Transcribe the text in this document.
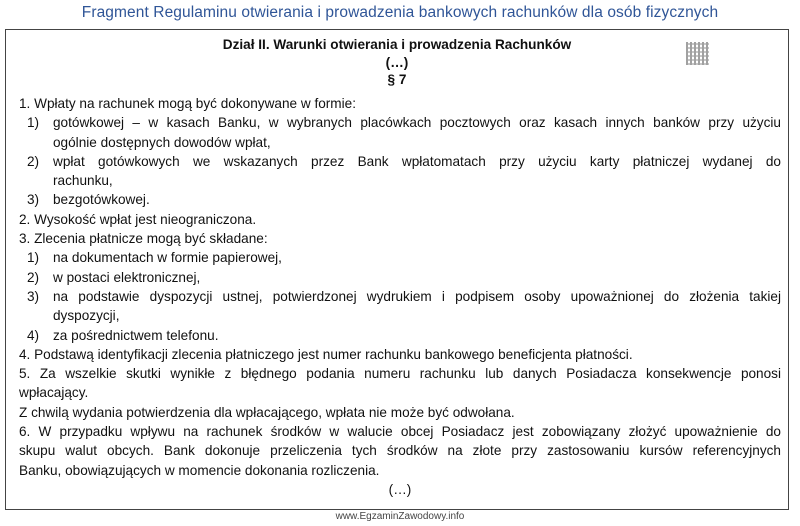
Fragment Regulaminu otwierania i prowadzenia bankowych rachunków dla osób fizycznych
Dział II. Warunki otwierania i prowadzenia Rachunków
(…)
§ 7
1. Wpłaty na rachunek mogą być dokonywane w formie:
1)	gotówkowej – w kasach Banku, w wybranych placówkach pocztowych oraz kasach innych banków przy użyciu
ogólnie dostępnych dowodów wpłat,
2)	wpłat gotówkowych we wskazanych przez Bank wpłatomatach przy użyciu karty płatniczej wydanej do
rachunku,
3)	bezgotówkowej.
2. Wysokość wpłat jest nieograniczona.
3. Zlecenia płatnicze mogą być składane:
1)	na dokumentach w formie papierowej,
2)	w postaci elektronicznej,
3)	na podstawie dyspozycji ustnej, potwierdzonej wydrukiem i podpisem osoby upoważnionej do złożenia takiej
dyspozycji,
4)	za pośrednictwem telefonu.
4. Podstawą identyfikacji zlecenia płatniczego jest numer rachunku bankowego beneficjenta płatności.
5. Za wszelkie skutki wynikłe z błędnego podania numeru rachunku lub danych Posiadacza konsekwencje ponosi
wpłacający.
Z chwilą wydania potwierdzenia dla wpłacającego, wpłata nie może być odwołana.
6. W przypadku wpływu na rachunek środków w walucie obcej Posiadacz jest zobowiązany złożyć upoważnienie do
skupu walut obcych. Bank dokonuje przeliczenia tych środków na złote przy zastosowaniu kursów referencyjnych
Banku, obowiązujących w momencie dokonania rozliczenia.
(…)
www.EgzaminZawodowy.info
